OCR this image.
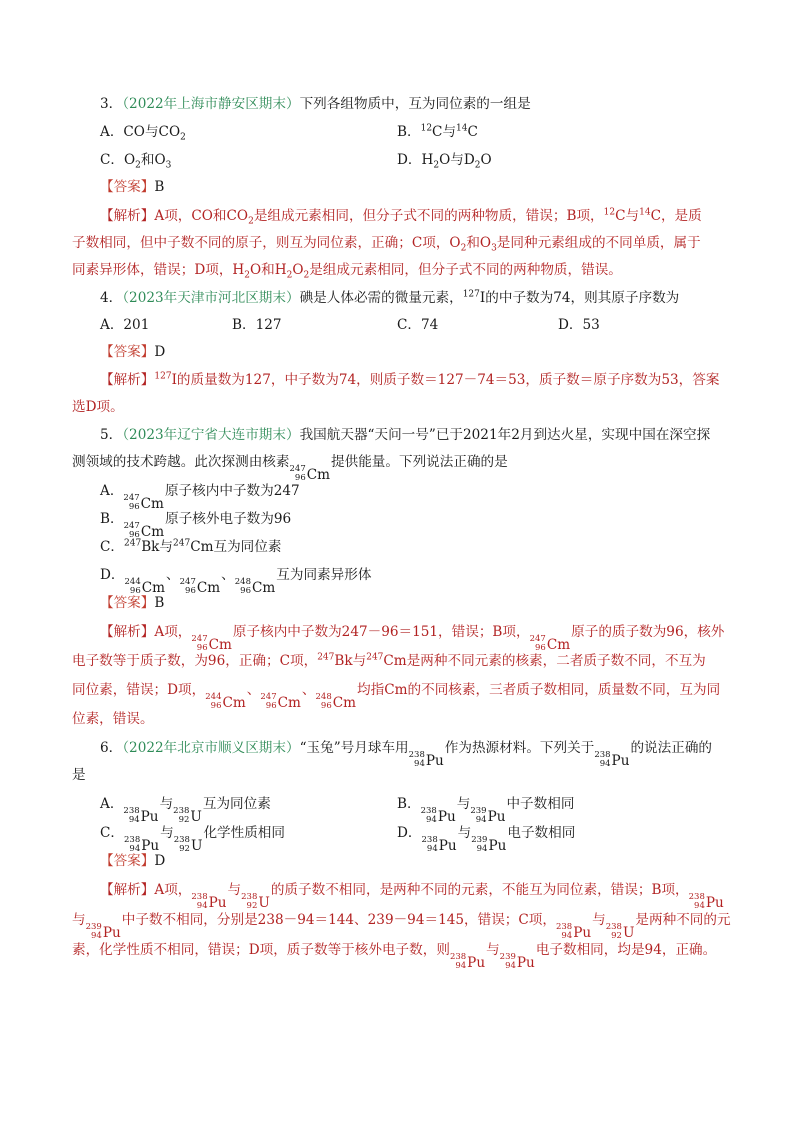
3．（2022年上海市静安区期末）下列各组物质中，互为同位素的一组是
A．CO与$CO_2$	B．$^{12}$C与$^{14}$C
C．$O_2$和$O_3$	D．$H_2O$与$D_2O$
【答案】B
【解析】A项，CO和$CO_2$是组成元素相同，但分子式不同的两种物质，错误；B项，$^{12}$C与$^{14}$C，是质
子数相同，但中子数不同的原子，则互为同位素，正确；C项，$O_2$和$O_3$是同种元素组成的不同单质，属于
同素异形体，错误；D项，$H_2O$和$H_2O_2$是组成元素相同，但分子式不同的两种物质，错误。
4．（2023年天津市河北区期末）碘是人体必需的微量元素，$^{127}$I的中子数为74，则其原子序数为
A．201	B．127	C．74	D．53
【答案】D
【解析】$^{127}$I的质量数为127，中子数为74，则质子数＝127－74＝53，质子数＝原子序数为53，答案
选D项。
5．（2023年辽宁省大连市期末）我国航天器“天问一号”已于2021年2月到达火星，实现中国在深空探
测领域的技术跨越。此次探测由核素 247
96 Cm
提供能量。下列说法正确的是
A． 247
96 Cm
原子核内中子数为247
B． 247
96 Cm
原子核外电子数为96
C．$^{247}$Bk与$^{247}$Cm互为同位素
D． 244
96 Cm
、 247
96 Cm
、 248
96 Cm
互为同素异形体
【答案】B
【解析】A项， 247
96 Cm
原子核内中子数为247－96＝151，错误；B项， 247
96 Cm
原子的质子数为96，核外
电子数等于质子数，为96，正确；C项，$^{247}$Bk与$^{247}$Cm是两种不同元素的核素，二者质子数不同，不互为
同位素，错误；D项， 244
96 Cm
、 247
96 Cm
、 248
96 Cm
均指Cm的不同核素，三者质子数相同，质量数不同，互为同
位素，错误。
6．（2022年北京市顺义区期末）“玉兔”号月球车用 238
94 Pu
作为热源材料。下列关于 238
94 Pu
的说法正确的
是
A． 238
94 Pu
与 238
92 U
互为同位素	B． 238
94 Pu
与 239
94 Pu
中子数相同
C． 238
94 Pu
与 238
92 U
化学性质相同	D． 238
94 Pu
与 239
94 Pu
电子数相同
【答案】D
【解析】A项， 238
94 Pu
与 238
92 U
的质子数不相同，是两种不同的元素，不能互为同位素，错误；B项， 238
94 Pu
与 239
94 Pu
中子数不相同，分别是238－94＝144、239－94＝145，错误；C项， 238
94 Pu
与 238
92 U
是两种不同的元
素，化学性质不相同，错误；D项，质子数等于核外电子数，则 238
94 Pu
与 239
94 Pu
电子数相同，均是94，正确。
